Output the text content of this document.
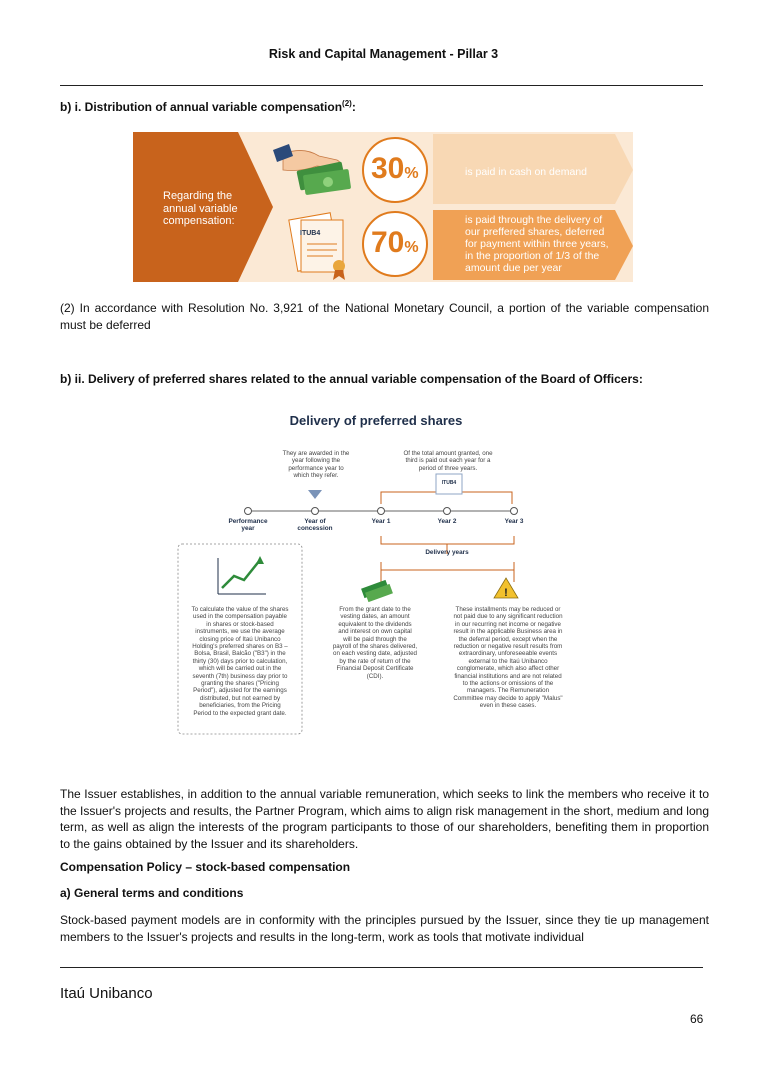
Risk and Capital Management - Pillar 3
b) i. Distribution of annual variable compensation$^{(2)}$:
Regarding the
annual variable
compensation:
30%
70%
ITUB4
is paid in cash on demand
is paid through the delivery of
our preffered shares, deferred
for payment within three years,
in the proportion of 1/3 of the
amount due per year
(2) In accordance with Resolution No. 3,921 of the National Monetary Council, a portion of the variable compensation must be deferred
b) ii. Delivery of preferred shares related to the annual variable compensation of the Board of Officers:
Delivery of preferred shares
!
They are awarded in the
year following the
performance year to
which they refer.
Of the total amount granted, one
third is paid out each year for a
period of three years.
ITUB4
Performance
year
Year of
concession
Year 1	Year 2	Year 3
Delivery years
To calculate the value of the shares
used in the compensation payable
in shares or stock-based
instruments, we use the average
closing price of Itaú Unibanco
Holding's preferred shares on B3 –
Bolsa, Brasil, Balcão ("B3") in the
thirty (30) days prior to calculation,
which will be carried out in the
seventh (7th) business day prior to
granting the shares ("Pricing
Period"), adjusted for the earnings
distributed, but not earned by
beneficiaries, from the Pricing
Period to the expected grant date.
From the grant date to the
vesting dates, an amount
equivalent to the dividends
and interest on own capital
will be paid through the
payroll of the shares delivered,
on each vesting date, adjusted
by the rate of return of the
Financial Deposit Certificate
(CDI).
These installments may be reduced or
not paid due to any significant reduction
in our recurring net income or negative
result in the applicable Business area in
the deferral period, except when the
reduction or negative result results from
extraordinary, unforeseeable events
external to the Itaú Unibanco
conglomerate, which also affect other
financial institutions and are not related
to the actions or omissions of the
managers. The Remuneration
Committee may decide to apply "Malus"
even in these cases.
The Issuer establishes, in addition to the annual variable remuneration, which seeks to link the members who receive it to the Issuer's projects and results, the Partner Program, which aims to align risk management in the short, medium and long term, as well as align the interests of the program participants to those of our shareholders, benefiting them in proportion to the gains obtained by the Issuer and its shareholders.
Compensation Policy – stock-based compensation
a) General terms and conditions
Stock-based payment models are in conformity with the principles pursued by the Issuer, since they tie up management members to the Issuer's projects and results in the long-term, work as tools that motivate individual
Itaú Unibanco
66
